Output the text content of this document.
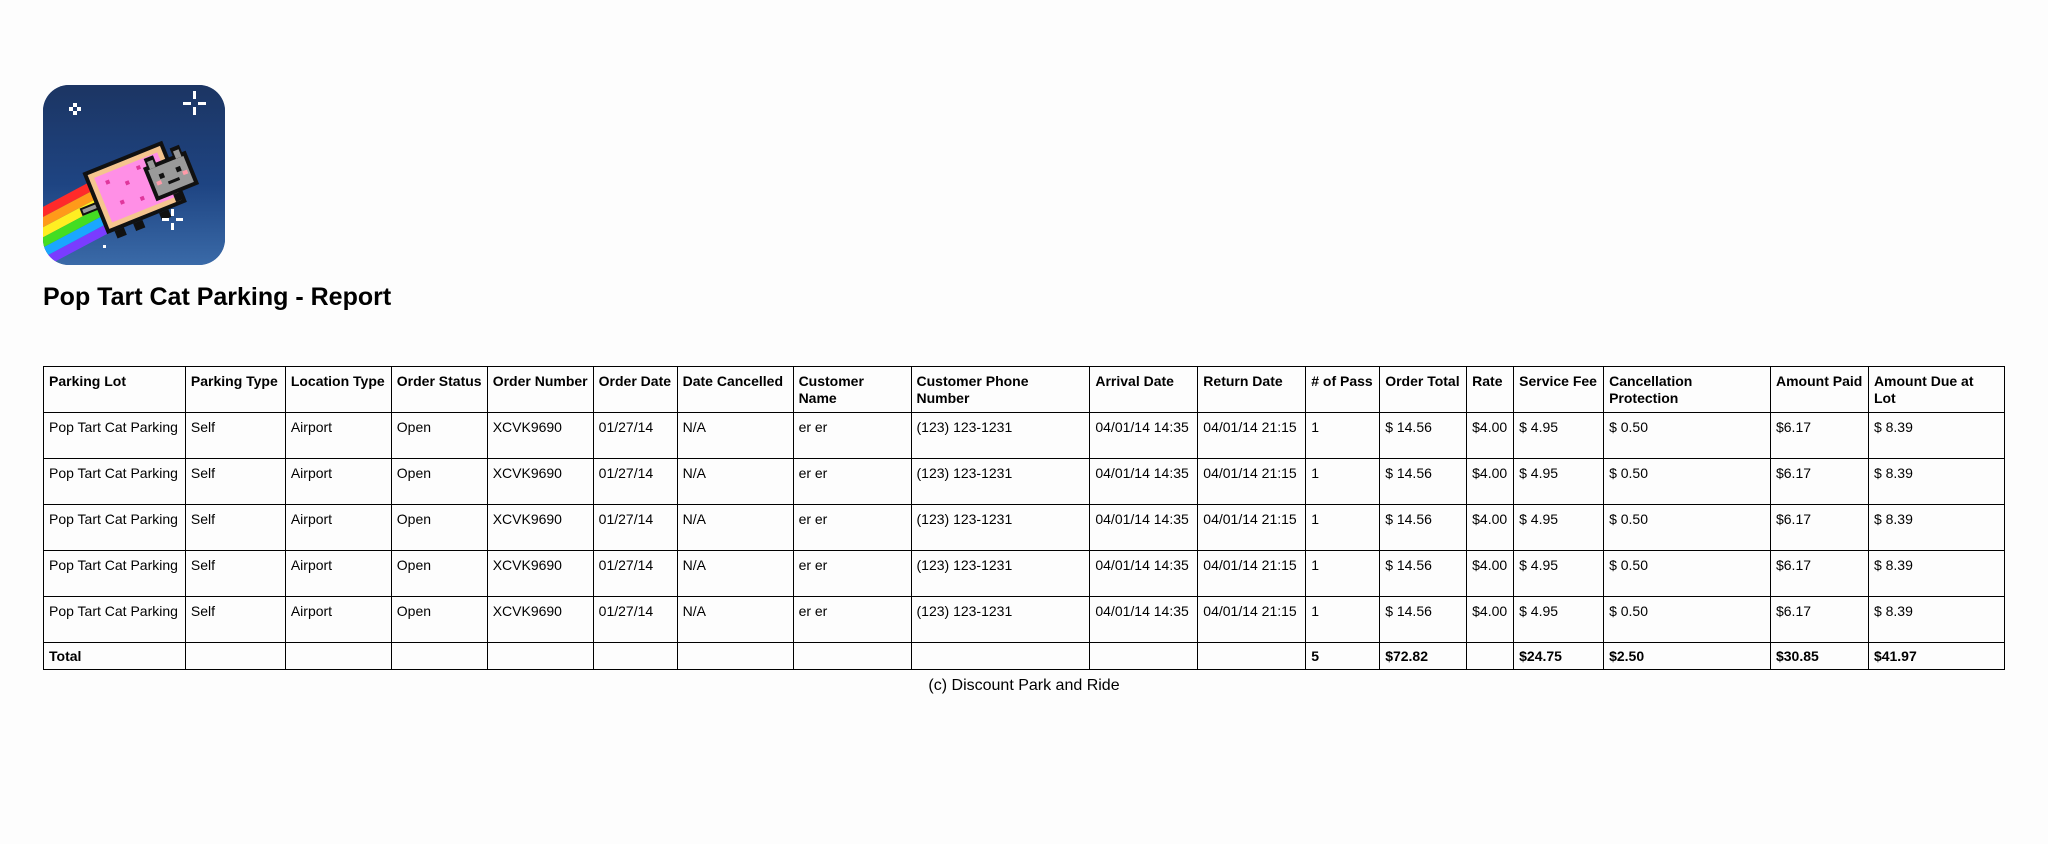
Pop Tart Cat Parking - Report
Parking Lot	Parking Type	Location Type	Order Status	Order Number	Order Date	Date Cancelled	Customer Name	Customer Phone Number	Arrival Date	Return Date	# of Pass	Order Total	Rate	Service Fee	Cancellation Protection	Amount Paid	Amount Due at Lot
Pop Tart Cat Parking	Self	Airport	Open	XCVK9690	01/27/14	N/A	er er	(123) 123-1231	04/01/14 14:35	04/01/14 21:15	1	$ 14.56	$4.00	$ 4.95	$ 0.50	$6.17	$ 8.39
Pop Tart Cat Parking	Self	Airport	Open	XCVK9690	01/27/14	N/A	er er	(123) 123-1231	04/01/14 14:35	04/01/14 21:15	1	$ 14.56	$4.00	$ 4.95	$ 0.50	$6.17	$ 8.39
Pop Tart Cat Parking	Self	Airport	Open	XCVK9690	01/27/14	N/A	er er	(123) 123-1231	04/01/14 14:35	04/01/14 21:15	1	$ 14.56	$4.00	$ 4.95	$ 0.50	$6.17	$ 8.39
Pop Tart Cat Parking	Self	Airport	Open	XCVK9690	01/27/14	N/A	er er	(123) 123-1231	04/01/14 14:35	04/01/14 21:15	1	$ 14.56	$4.00	$ 4.95	$ 0.50	$6.17	$ 8.39
Pop Tart Cat Parking	Self	Airport	Open	XCVK9690	01/27/14	N/A	er er	(123) 123-1231	04/01/14 14:35	04/01/14 21:15	1	$ 14.56	$4.00	$ 4.95	$ 0.50	$6.17	$ 8.39
Total											5	$72.82		$24.75	$2.50	$30.85	$41.97
(c) Discount Park and Ride
